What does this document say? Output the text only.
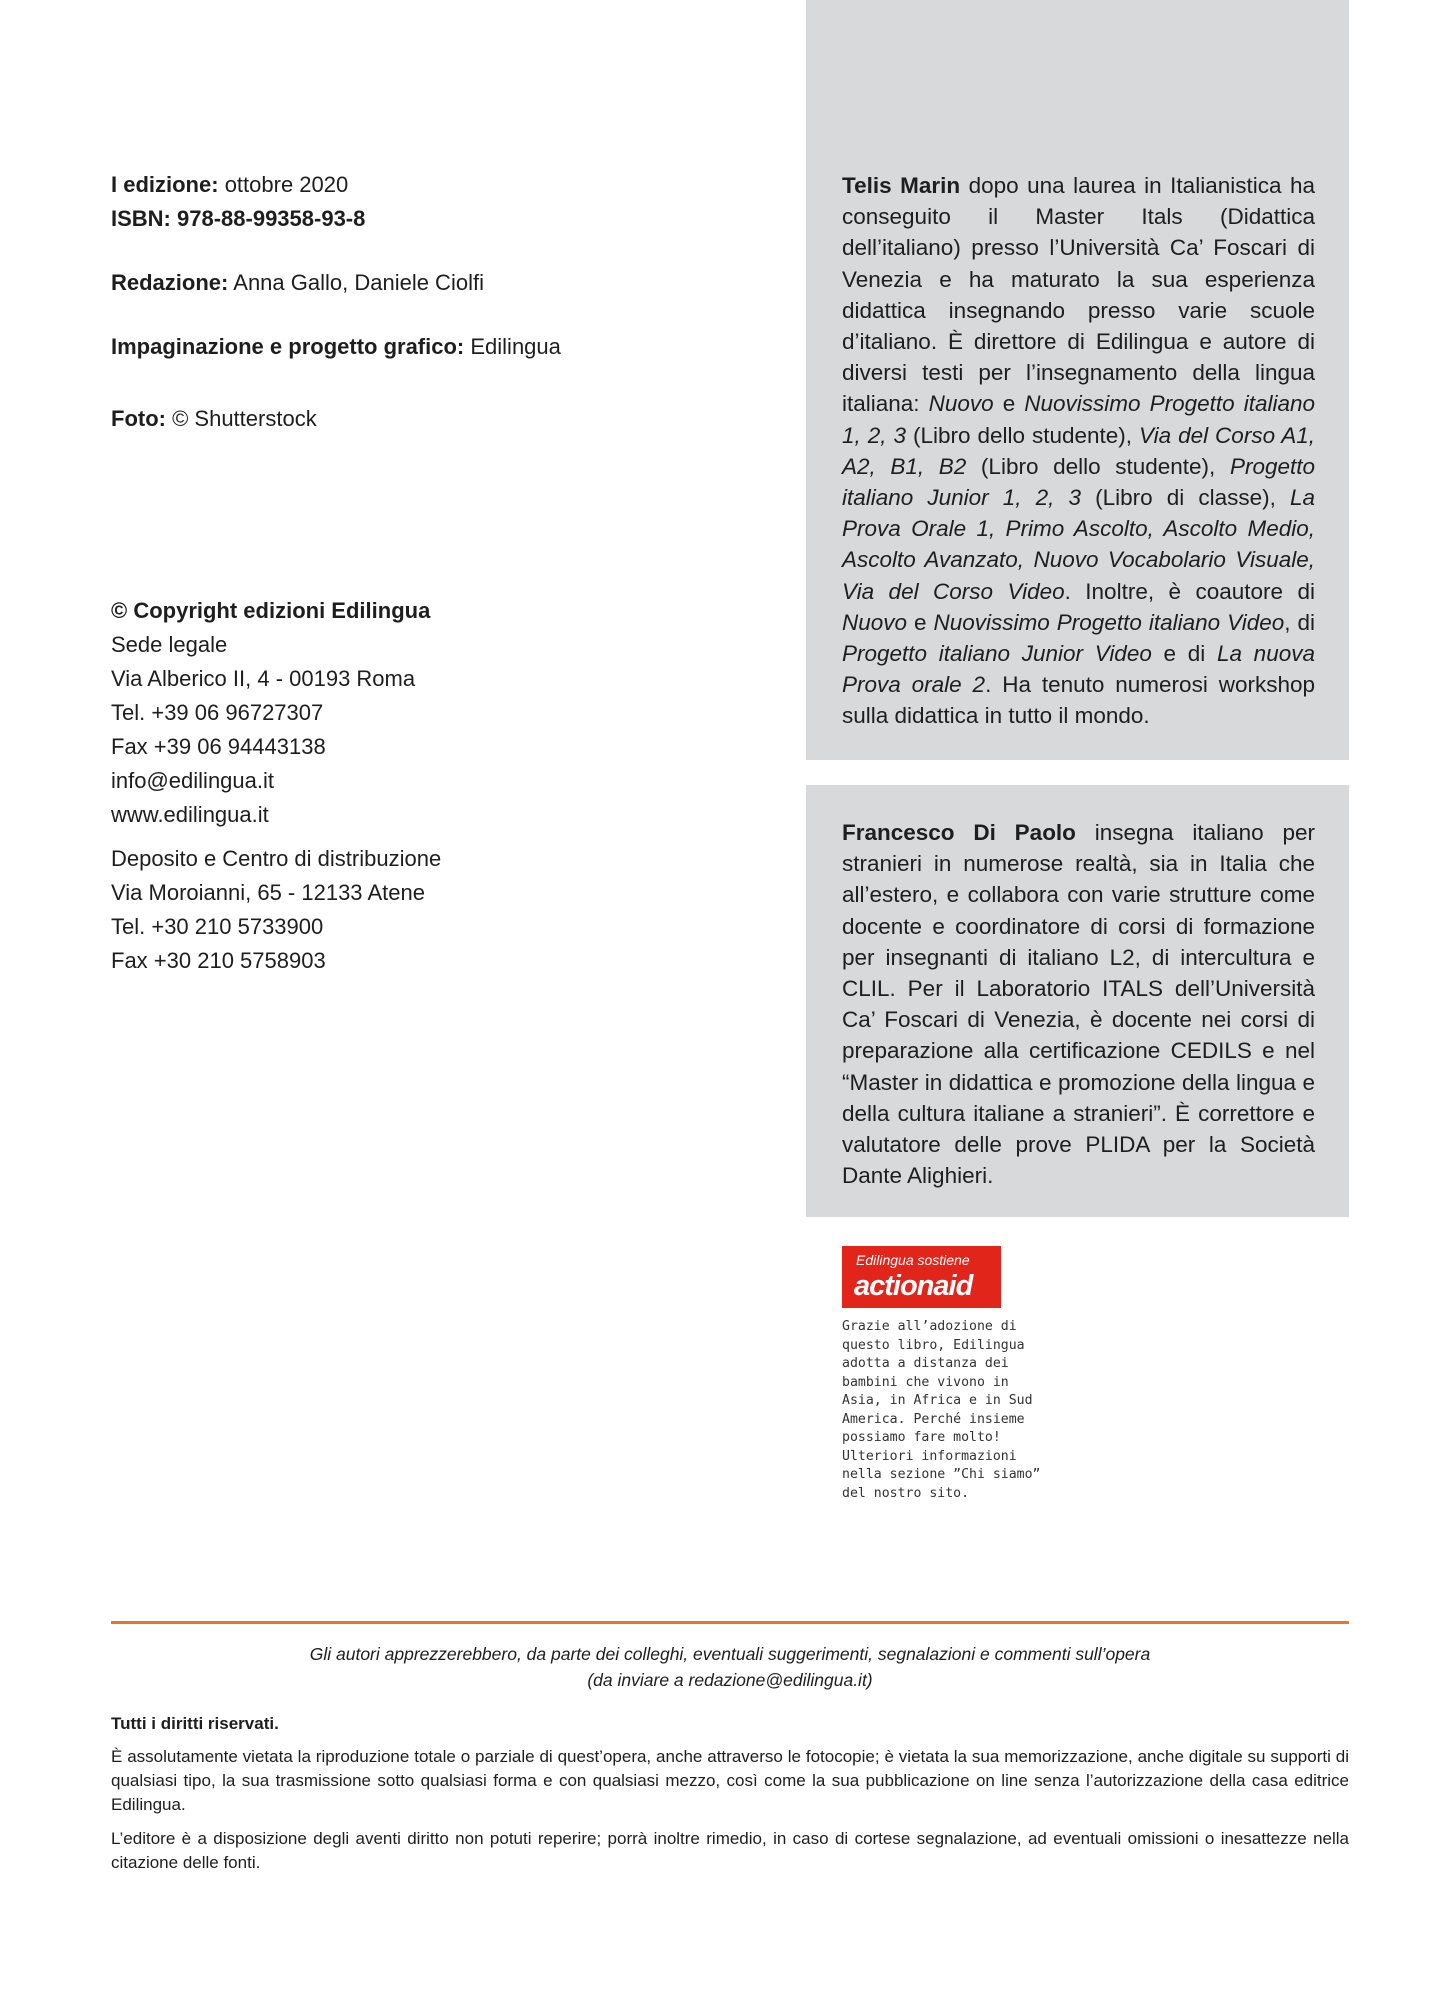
I edizione: ottobre 2020

ISBN: 978-88-99358-93-8

Redazione: Anna Gallo, Daniele Ciolfi

Impaginazione e progetto grafico: Edilingua

Foto: © Shutterstock

© Copyright edizioni Edilingua

Sede legale

Via Alberico II, 4 - 00193 Roma

Tel. +39 06 96727307

Fax +39 06 94443138

info@edilingua.it

www.edilingua.it

Deposito e Centro di distribuzione

Via Moroianni, 65 - 12133 Atene

Tel. +30 210 5733900

Fax +30 210 5758903

Telis Marin dopo una laurea in Italianistica ha conseguito il Master Itals (Didattica dell’italiano) presso l’Università Ca’ Foscari di Venezia e ha maturato la sua esperienza didattica insegnando presso varie scuole d’italiano. È direttore di Edilingua e autore di diversi testi per l’insegnamento della lingua italiana: Nuovo e Nuovissimo Progetto italiano 1, 2, 3 (Libro dello studente), Via del Corso A1, A2, B1, B2 (Libro dello studente), Progetto italiano Junior 1, 2, 3 (Libro di classe), La Prova Orale 1, Primo Ascolto, Ascolto Medio, Ascolto Avanzato, Nuovo Vocabolario Visuale, Via del Corso Video. Inoltre, è coautore di Nuovo e Nuovissimo Progetto italiano Video, di Progetto italiano Junior Video e di La nuova Prova orale 2. Ha tenuto numerosi workshop sulla didattica in tutto il mondo.
Francesco Di Paolo insegna italiano per stranieri in numerose realtà, sia in Italia che all’estero, e collabora con varie strutture come docente e coordinatore di corsi di formazione per insegnanti di italiano L2, di intercultura e CLIL. Per il Laboratorio ITALS dell’Università Ca’ Foscari di Venezia, è docente nei corsi di preparazione alla certificazione CEDILS e nel “Master in didattica e promozione della lingua e della cultura italiane a stranieri”. È correttore e valutatore delle prove PLIDA per la Società Dante Alighieri.
Edilingua sostiene
actionaid
Grazie all’adozione di questo libro, Edilingua adotta a distanza dei bambini che vivono in Asia, in Africa e in Sud America. Perché insieme possiamo fare molto! Ulteriori informazioni nella sezione ”Chi siamo” del nostro sito.
Gli autori apprezzerebbero, da parte dei colleghi, eventuali suggerimenti, segnalazioni e commenti sull’opera
(da inviare a redazione@edilingua.it)

Tutti i diritti riservati.

È assolutamente vietata la riproduzione totale o parziale di quest’opera, anche attraverso le fotocopie; è vietata la sua memorizzazione, anche digitale su supporti di qualsiasi tipo, la sua trasmissione sotto qualsiasi forma e con qualsiasi mezzo, così come la sua pubblicazione on line senza l’autorizzazione della casa editrice Edilingua.

L’editore è a disposizione degli aventi diritto non potuti reperire; porrà inoltre rimedio, in caso di cortese segnalazione, ad eventuali omissioni o inesattezze nella citazione delle fonti.
